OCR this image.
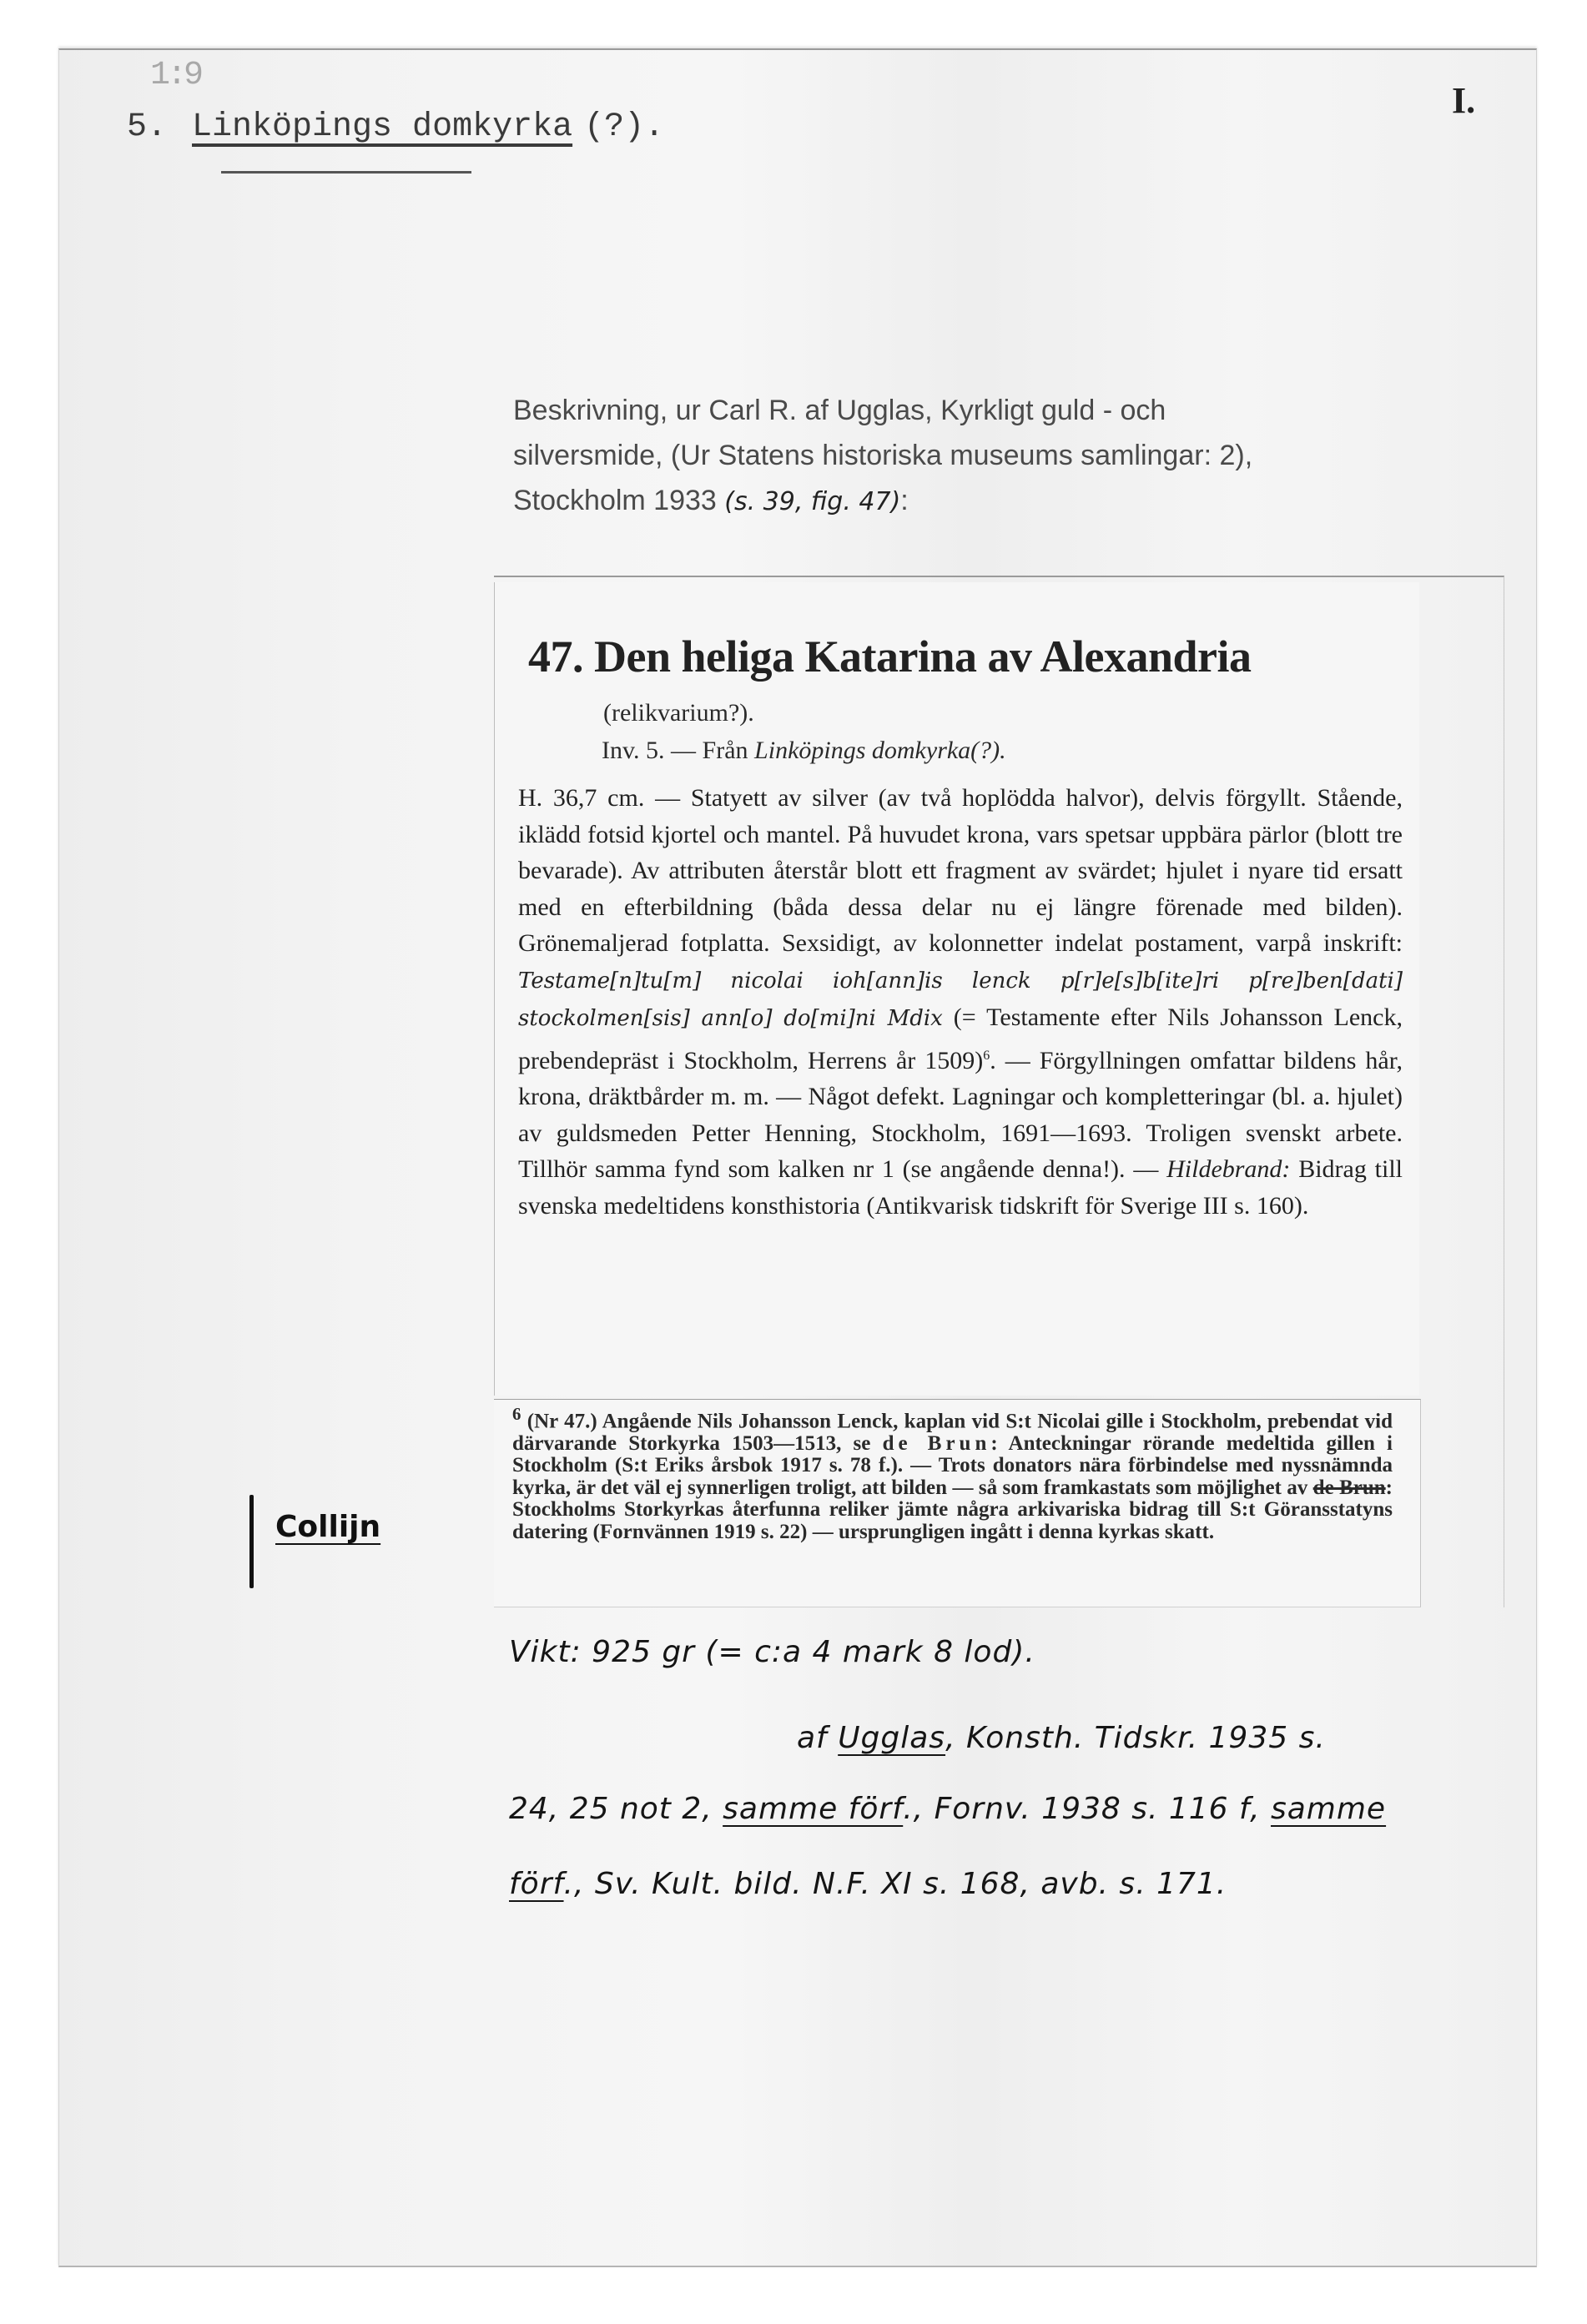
1:9
I.
5. Linköpings domkyrka (?).
Beskrivning, ur Carl R. af Ugglas, Kyrkligt guld - och
silversmide, (Ur Statens historiska museums samlingar: 2),
Stockholm 1933 (s. 39, fig. 47):
47. Den heliga Katarina av Alexandria
(relikvarium?).
Inv. 5. — Från Linköpings domkyrka(?).
H. 36,7 cm. — Statyett av silver (av två hoplödda halvor), delvis förgyllt. Stående, iklädd fotsid kjortel och mantel. På huvudet krona, vars spetsar uppbära pärlor (blott tre bevarade). Av attributen återstår blott ett fragment av svärdet; hjulet i nyare tid ersatt med en efterbildning (båda dessa delar nu ej längre förenade med bilden). Grönemaljerad fotplatta. Sexsidigt, av kolonnetter indelat postament, varpå inskrift: Testame[n]tu[m] nicolai ioh[ann]is lenck p[r]e[s]b[ite]ri p[re]ben[dati] stockolmen[sis] ann[o] do[mi]ni Mdix (= Testamente efter Nils Johansson Lenck, prebendepräst i Stockholm, Herrens år 1509)$^6$. — Förgyllningen omfattar bildens hår, krona, dräktbårder m. m. — Något defekt. Lagningar och kompletteringar (bl. a. hjulet) av guldsmeden Petter Henning, Stockholm, 1691—1693. Troligen svenskt arbete. Tillhör samma fynd som kalken nr 1 (se angående denna!). — Hildebrand: Bidrag till svenska medeltidens konsthistoria (Antikvarisk tidskrift för Sverige III s. 160).
$^6$ (Nr 47.) Angående Nils Johansson Lenck, kaplan vid S:t Nicolai gille i Stockholm, prebendat vid därvarande Storkyrka 1503—1513, se de Brun: Anteckningar rörande medeltida gillen i Stockholm (S:t Eriks årsbok 1917 s. 78 f.). — Trots donators nära förbindelse med nyssnämnda kyrka, är det väl ej synnerligen troligt, att bilden — så som framkastats som möjlighet av de Brun: Stockholms Storkyrkas återfunna reliker jämte några arkivariska bidrag till S:t Göransstatyns datering (Fornvännen 1919 s. 22) — ursprungligen ingått i denna kyrkas skatt.
Collijn
Vikt: 925 gr (= c:a 4 mark 8 lod).
af Ugglas, Konsth. Tidskr. 1935 s.
24, 25 not 2, samme förf., Fornv. 1938 s. 116 f, samme
förf., Sv. Kult. bild. N.F. XI s. 168, avb. s. 171.
